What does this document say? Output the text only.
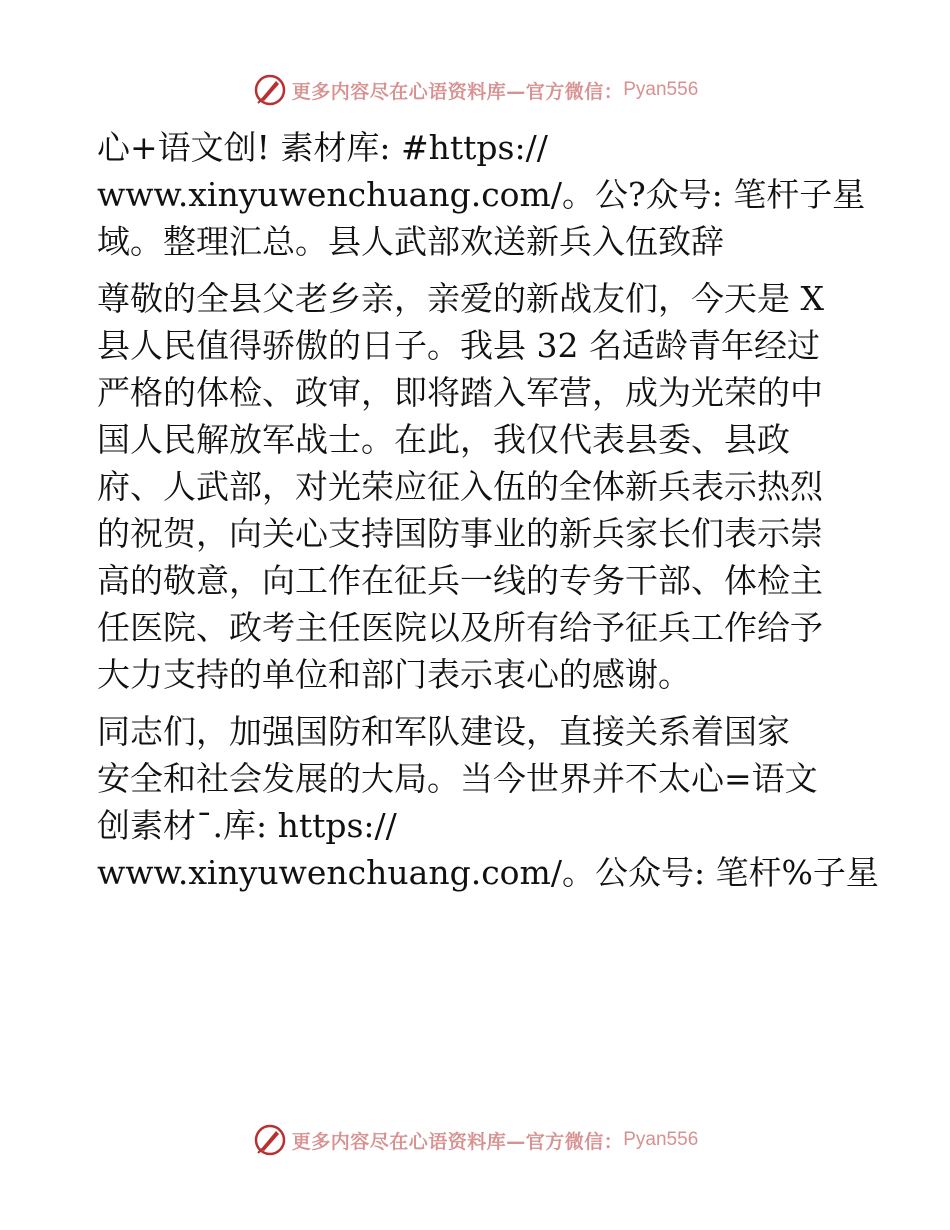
更多内容尽在心语资料库—官方微信： Pyan556
心+语文创! 素材库: #https://
www.xinyuwenchuang.com/。公?众号: 笔杆子星
域。整理汇总。县人武部欢送新兵入伍致辞
尊敬的全县父老乡亲，亲爱的新战友们，今天是 X
县人民值得骄傲的日子。我县 32 名适龄青年经过
严格的体检、政审，即将踏入军营，成为光荣的中
国人民解放军战士。在此，我仅代表县委、县政
府、人武部，对光荣应征入伍的全体新兵表示热烈
的祝贺，向关心支持国防事业的新兵家长们表示崇
高的敬意，向工作在征兵一线的专务干部、体检主
任医院、政考主任医院以及所有给予征兵工作给予
大力支持的单位和部门表示衷心的感谢。
同志们，加强国防和军队建设，直接关系着国家
安全和社会发展的大局。当今世界并不太心=语文
创素材¯.库: https://
www.xinyuwenchuang.com/。公众号: 笔杆%子星
更多内容尽在心语资料库—官方微信： Pyan556
